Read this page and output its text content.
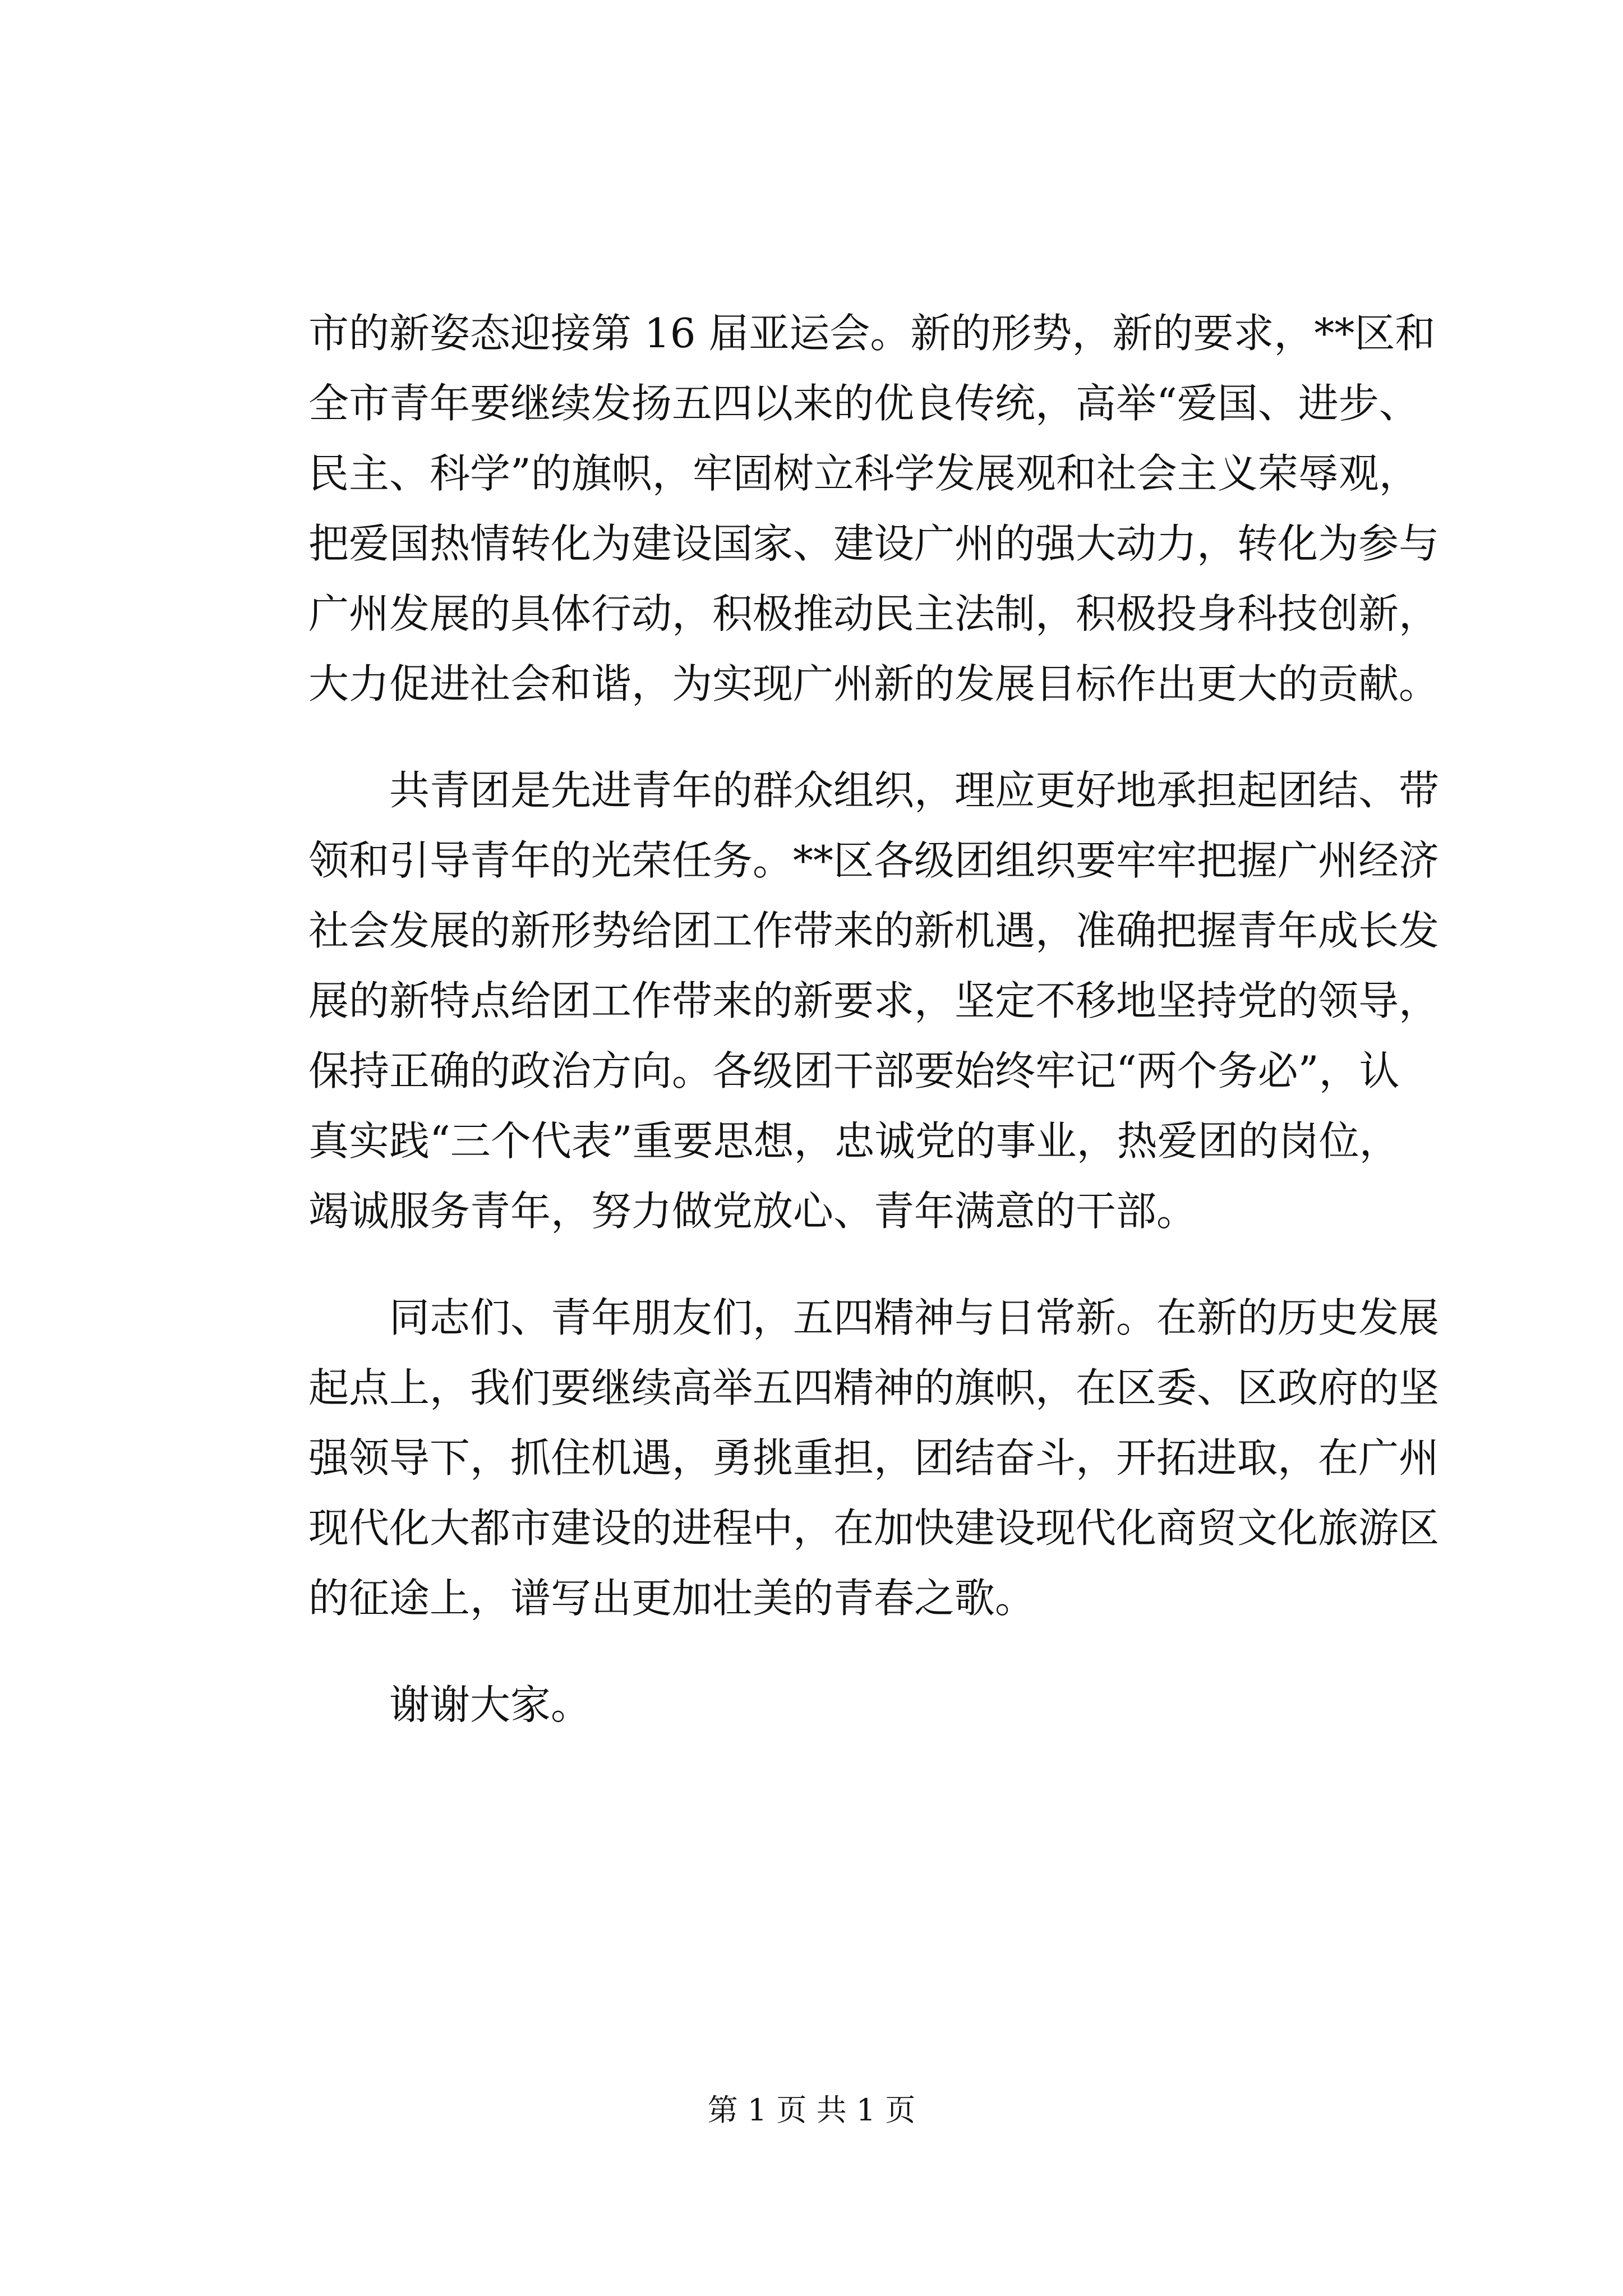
市的新姿态迎接第 16 届亚运会。新的形势，新的要求，**区和
全市青年要继续发扬五四以来的优良传统，高举“爱国、进步、
民主、科学”的旗帜，牢固树立科学发展观和社会主义荣辱观，
把爱国热情转化为建设国家、建设广州的强大动力，转化为参与
广州发展的具体行动，积极推动民主法制，积极投身科技创新，
大力促进社会和谐，为实现广州新的发展目标作出更大的贡献。
共青团是先进青年的群众组织，理应更好地承担起团结、带
领和引导青年的光荣任务。**区各级团组织要牢牢把握广州经济
社会发展的新形势给团工作带来的新机遇，准确把握青年成长发
展的新特点给团工作带来的新要求，坚定不移地坚持党的领导，
保持正确的政治方向。各级团干部要始终牢记“两个务必”，认
真实践“三个代表”重要思想，忠诚党的事业，热爱团的岗位，
竭诚服务青年，努力做党放心、青年满意的干部。
同志们、青年朋友们，五四精神与日常新。在新的历史发展
起点上，我们要继续高举五四精神的旗帜，在区委、区政府的坚
强领导下，抓住机遇，勇挑重担，团结奋斗，开拓进取，在广州
现代化大都市建设的进程中，在加快建设现代化商贸文化旅游区
的征途上，谱写出更加壮美的青春之歌。
谢谢大家。
第 1 页 共 1 页
